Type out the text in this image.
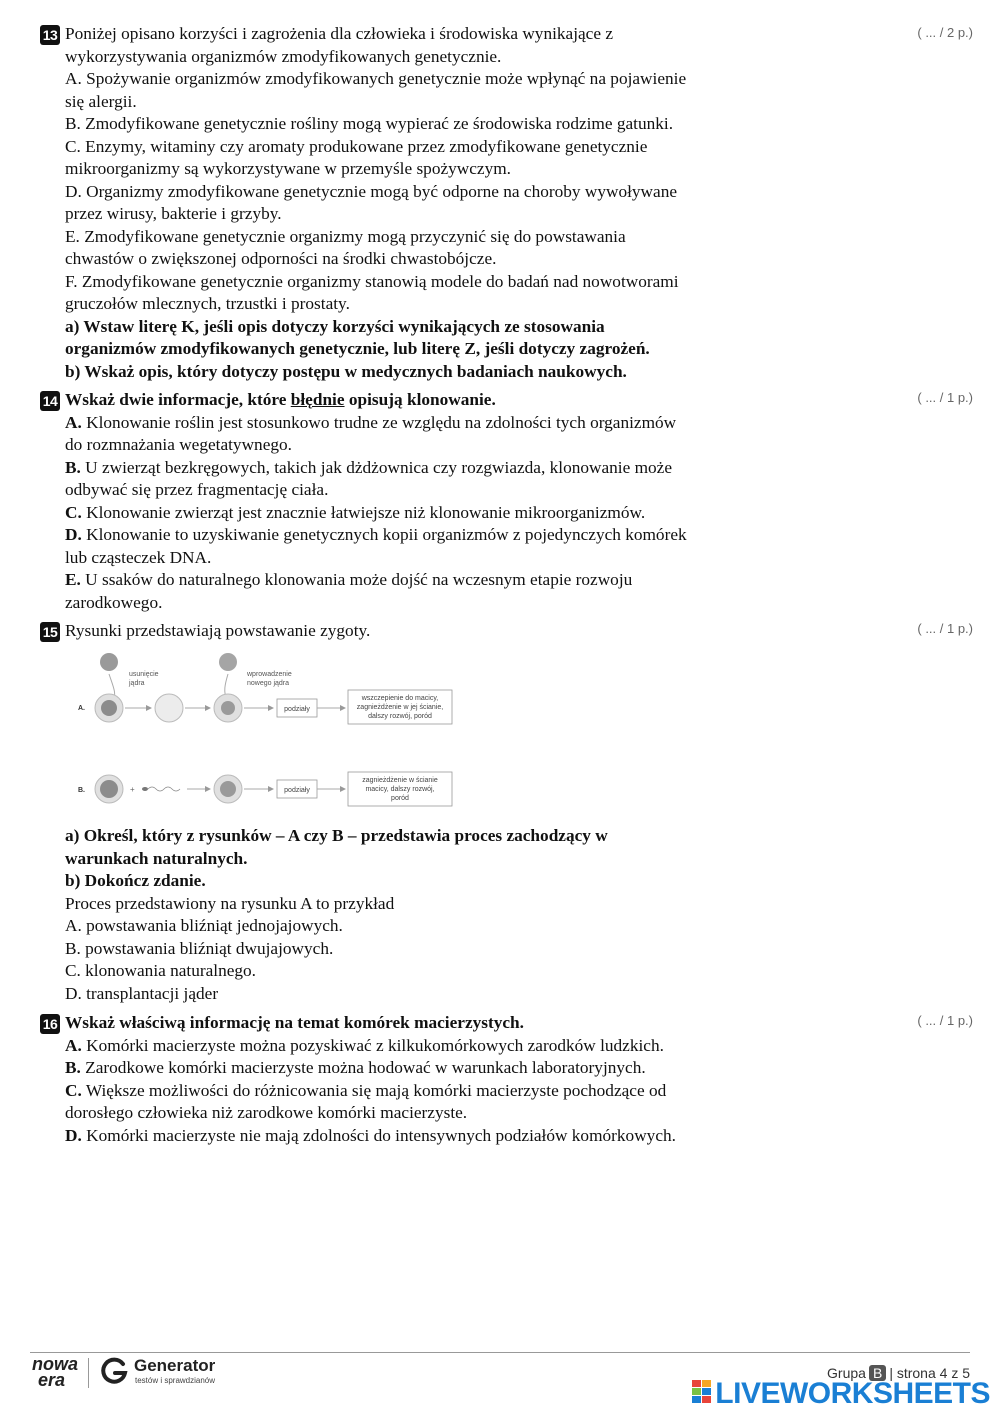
13 Poniżej opisano korzyści i zagrożenia dla człowieka i środowiska wynikające z
wykorzystywania organizmów zmodyfikowanych genetycznie.
A. Spożywanie organizmów zmodyfikowanych genetycznie może wpłynąć na pojawienie
się alergii.
B. Zmodyfikowane genetycznie rośliny mogą wypierać ze środowiska rodzime gatunki.
C. Enzymy, witaminy czy aromaty produkowane przez zmodyfikowane genetycznie
mikroorganizmy są wykorzystywane w przemyśle spożywczym.
D. Organizmy zmodyfikowane genetycznie mogą być odporne na choroby wywoływane
przez wirusy, bakterie i grzyby.
E. Zmodyfikowane genetycznie organizmy mogą przyczynić się do powstawania
chwastów o zwiększonej odporności na środki chwastobójcze.
F. Zmodyfikowane genetycznie organizmy stanowią modele do badań nad nowotworami
gruczołów mlecznych, trzustki i prostaty.
a) Wstaw literę K, jeśli opis dotyczy korzyści wynikających ze stosowania
organizmów zmodyfikowanych genetycznie, lub literę Z, jeśli dotyczy zagrożeń.
b) Wskaż opis, który dotyczy postępu w medycznych badaniach naukowych.
( ... / 2 p.)
14 Wskaż dwie informacje, które błędnie opisują klonowanie.
A. Klonowanie roślin jest stosunkowo trudne ze względu na zdolności tych organizmów
do rozmnażania wegetatywnego.
B. U zwierząt bezkręgowych, takich jak dżdżownica czy rozgwiazda, klonowanie może
odbywać się przez fragmentację ciała.
C. Klonowanie zwierząt jest znacznie łatwiejsze niż klonowanie mikroorganizmów.
D. Klonowanie to uzyskiwanie genetycznych kopii organizmów z pojedynczych komórek
lub cząsteczek DNA.
E. U ssaków do naturalnego klonowania może dojść na wczesnym etapie rozwoju
zarodkowego.
( ... / 1 p.)
15 Rysunki przedstawiają powstawanie zygoty.	( ... / 1 p.)
usunięcie
jądra
A.
wprowadzenie
nowego jądra
podziały
wszczepienie do macicy,
zagnieżdżenie w jej ścianie,
dalszy rozwój, poród
B.	+	podziały
zagnieżdżenie w ścianie
macicy, dalszy rozwój,
poród
a) Określ, który z rysunków – A czy B – przedstawia proces zachodzący w
warunkach naturalnych.
b) Dokończ zdanie.
Proces przedstawiony na rysunku A to przykład
A. powstawania bliźniąt jednojajowych.
B. powstawania bliźniąt dwujajowych.
C. klonowania naturalnego.
D. transplantacji jąder
16 Wskaż właściwą informację na temat komórek macierzystych.
A. Komórki macierzyste można pozyskiwać z kilkukomórkowych zarodków ludzkich.
B. Zarodkowe komórki macierzyste można hodować w warunkach laboratoryjnych.
C. Większe możliwości do różnicowania się mają komórki macierzyste pochodzące od
dorosłego człowieka niż zarodkowe komórki macierzyste.
D. Komórki macierzyste nie mają zdolności do intensywnych podziałów komórkowych.
( ... / 1 p.)
nowa
era
Generator
testów i sprawdzianów	Grupa B | strona 4 z 5
LIVEWORKSHEETS
